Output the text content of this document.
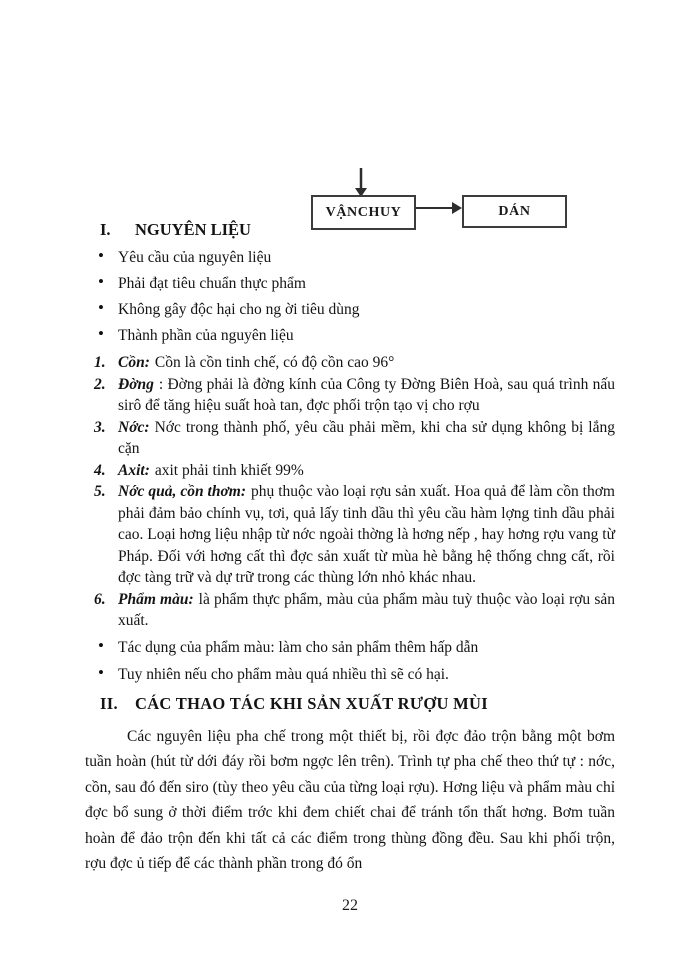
VẬNCHUY	DÁN
I. NGUYÊN LIỆU
• Yêu cầu của nguyên liệu
• Phải đạt tiêu chuẩn thực phẩm
• Không gây độc hại cho ng ời tiêu dùng
• Thành phần của nguyên liệu
1. Cồn: Cồn là cồn tinh chế, có độ cồn cao 96°
2. Đờng : Đờng phải là đờng kính của Công ty Đờng Biên Hoà, sau quá trình nấu sirô để tăng hiệu suất hoà tan, đợc phối trộn tạo vị cho rợu
3. Nớc: Nớc trong thành phố, yêu cầu phải mềm, khi cha sử dụng không bị lắng cặn
4. Axit: axit phải tinh khiết 99%
5. Nớc quả, cồn thơm: phụ thuộc vào loại rợu sản xuất. Hoa quả để làm cồn thơm phải đảm bảo chính vụ, tơi, quả lấy tinh dầu thì yêu cầu hàm lợng tinh dầu phải cao. Loại hơng liệu nhập từ nớc ngoài thờng là hơng nếp , hay hơng rợu vang từ Pháp. Đối với hơng cất thì đợc sản xuất từ mùa hè bằng hệ thống chng cất, rồi đợc tàng trữ và dự trữ trong các thùng lớn nhỏ khác nhau.
6. Phẩm màu: là phẩm thực phẩm, màu của phẩm màu tuỳ thuộc vào loại rợu sản xuất.
• Tác dụng của phẩm màu: làm cho sản phẩm thêm hấp dẫn
• Tuy nhiên nếu cho phẩm màu quá nhiều thì sẽ có hại.
II. CÁC THAO TÁC KHI SẢN XUẤT RƯỢU MÙI

Các nguyên liệu pha chế trong một thiết bị, rồi đợc đảo trộn bằng một bơm tuần hoàn (hút từ dới đáy rồi bơm ngợc lên trên). Trình tự pha chế theo thứ tự : nớc, cồn, sau đó đến siro (tùy theo yêu cầu của từng loại rợu). Hơng liệu và phẩm màu chỉ đợc bổ sung ở thời điểm trớc khi đem chiết chai để tránh tổn thất hơng. Bơm tuần hoàn để đảo trộn đến khi tất cả các điểm trong thùng đồng đều. Sau khi phối trộn, rợu đợc ủ tiếp để các thành phần trong đó ổn

22
